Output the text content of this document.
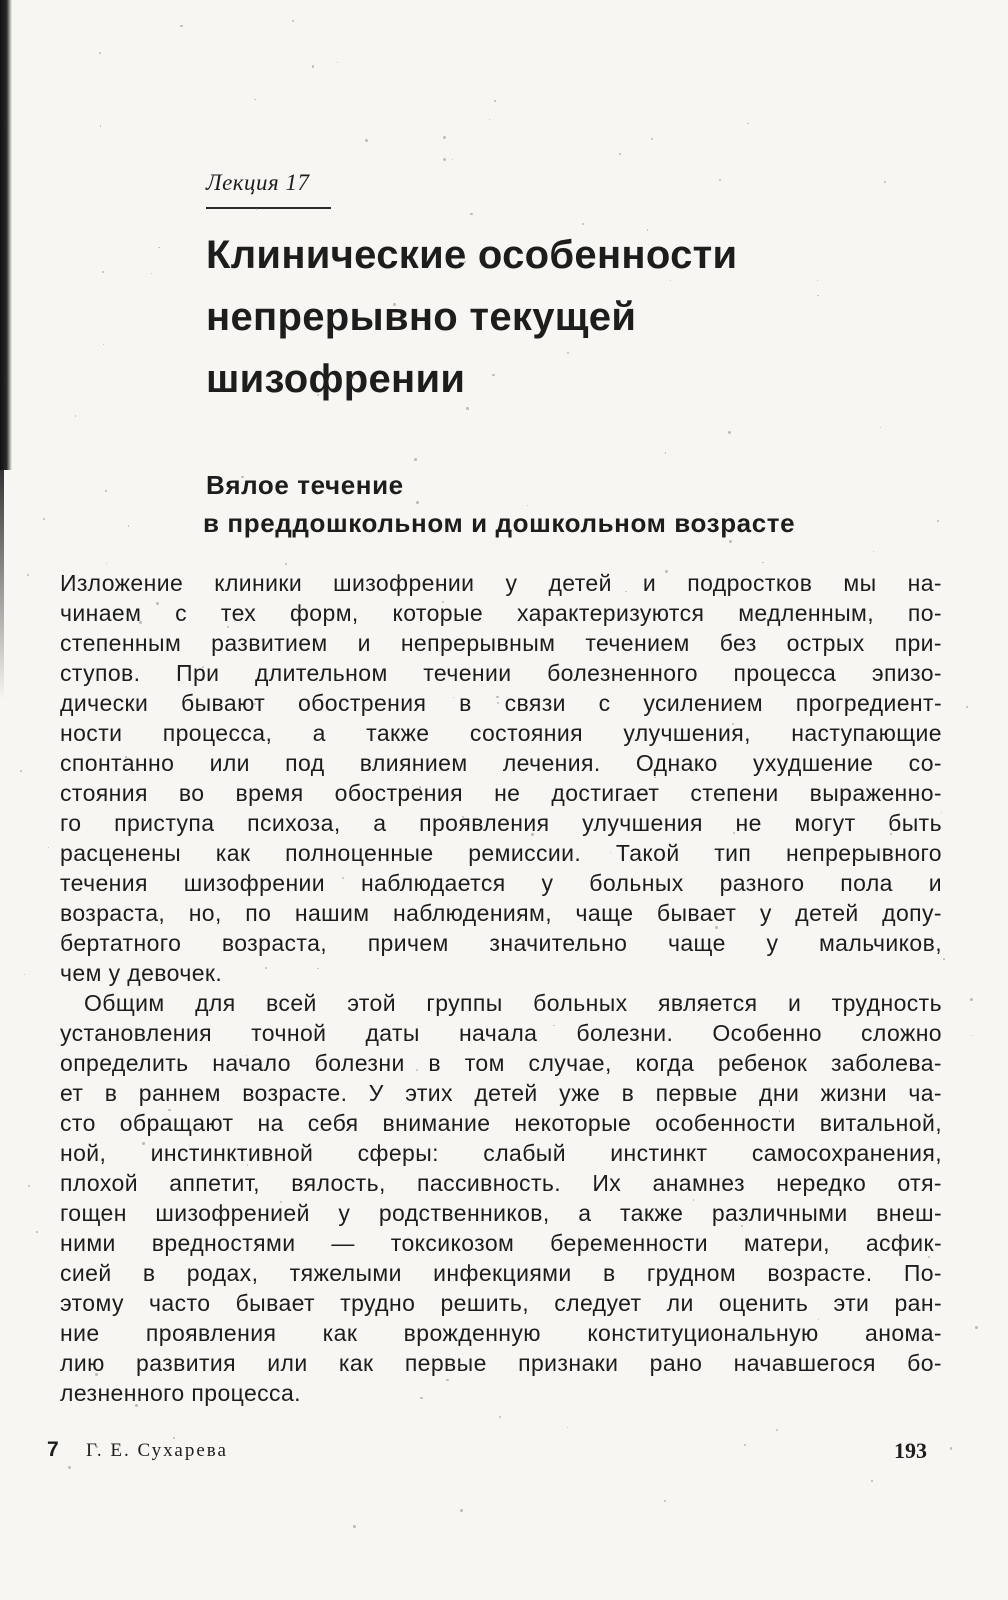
Лекция 17
Клинические особенности
непрерывно текущей
шизофрении
Вялое течение
в преддошкольном и дошкольном возрасте

Изложение клиники шизофрении у детей и подростков мы на-
чинаем с тех форм, которые характеризуются медленным, по-
степенным развитием и непрерывным течением без острых при-
ступов. При длительном течении болезненного процесса эпизо-
дически бывают обострения в связи с усилением прогредиент-
ности процесса, а также состояния улучшения, наступающие
спонтанно или под влиянием лечения. Однако ухудшение со-
стояния во время обострения не достигает степени выраженно-
го приступа психоза, а проявления улучшения не могут быть
расценены как полноценные ремиссии. Такой тип непрерывного
течения шизофрении наблюдается у больных разного пола и
возраста, но, по нашим наблюдениям, чаще бывает у детей допу-
бертатного возраста, причем значительно чаще у мальчиков,
чем у девочек.

Общим для всей этой группы больных является и трудность
установления точной даты начала болезни. Особенно сложно
определить начало болезни в том случае, когда ребенок заболева-
ет в раннем возрасте. У этих детей уже в первые дни жизни ча-
сто обращают на себя внимание некоторые особенности витальной,
ной, инстинктивной сферы: слабый инстинкт самосохранения,
плохой аппетит, вялость, пассивность. Их анамнез нередко отя-
гощен шизофренией у родственников, а также различными внеш-
ними вредностями — токсикозом беременности матери, асфик-
сией в родах, тяжелыми инфекциями в грудном возрасте. По-
этому часто бывает трудно решить, следует ли оценить эти ран-
ние проявления как врожденную конституциональную анома-
лию развития или как первые признаки рано начавшегося бо-
лезненного процесса.

7 Г. Е. Сухарева	193
